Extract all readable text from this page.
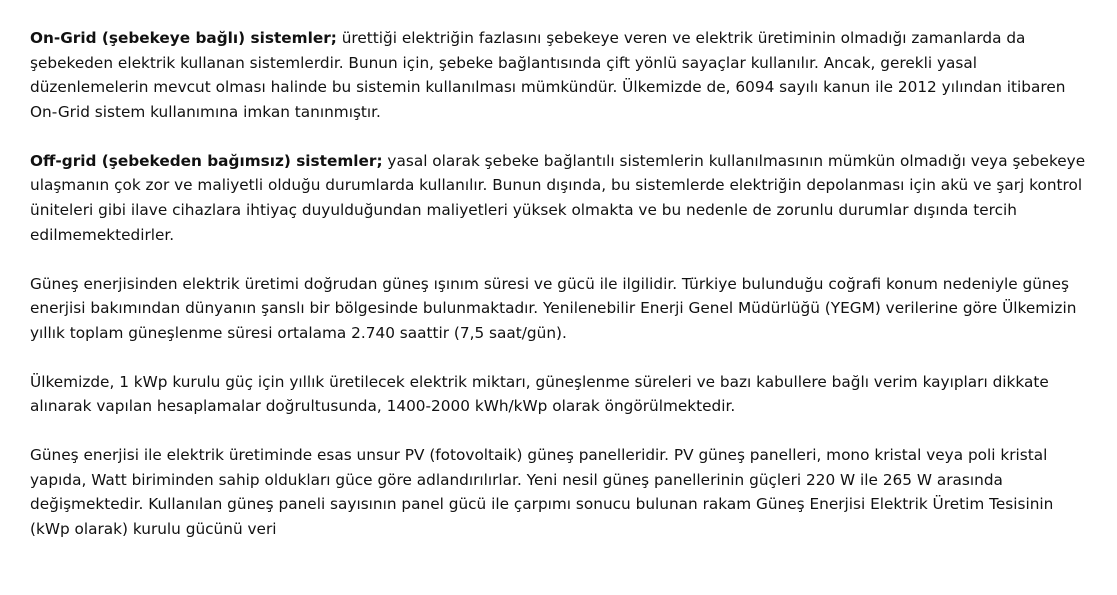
On-Grid (şebekeye bağlı) sistemler; ürettiği elektriğin fazlasını şebekeye veren ve elektrik üretiminin olmadığı zamanlarda da şebekeden elektrik kullanan sistemlerdir. Bunun için, şebeke bağlantısında çift yönlü sayaçlar kullanılır. Ancak, gerekli yasal düzenlemelerin mevcut olması halinde bu sistemin kullanılması mümkündür. Ülkemizde de, 6094 sayılı kanun ile 2012 yılından itibaren On-Grid sistem kullanımına imkan tanınmıştır.

Off-grid (şebekeden bağımsız) sistemler; yasal olarak şebeke bağlantılı sistemlerin kullanılmasının mümkün olmadığı veya şebekeye ulaşmanın çok zor ve maliyetli olduğu durumlarda kullanılır. Bunun dışında, bu sistemlerde elektriğin depolanması için akü ve şarj kontrol üniteleri gibi ilave cihazlara ihtiyaç duyulduğundan maliyetleri yüksek olmakta ve bu nedenle de zorunlu durumlar dışında tercih edilmemektedirler.

Güneş enerjisinden elektrik üretimi doğrudan güneş ışınım süresi ve gücü ile ilgilidir. Türkiye bulunduğu coğrafi konum nedeniyle güneş enerjisi bakımından dünyanın şanslı bir bölgesinde bulunmaktadır. Yenilenebilir Enerji Genel Müdürlüğü (YEGM) verilerine göre Ülkemizin yıllık toplam güneşlenme süresi ortalama 2.740 saattir (7,5 saat/gün).

Ülkemizde, 1 kWp kurulu güç için yıllık üretilecek elektrik miktarı, güneşlenme süreleri ve bazı kabullere bağlı verim kayıpları dikkate alınarak vapılan hesaplamalar doğrultusunda, 1400-2000 kWh/kWp olarak öngörülmektedir.

Güneş enerjisi ile elektrik üretiminde esas unsur PV (fotovoltaik) güneş panelleridir. PV güneş panelleri, mono kristal veya poli kristal yapıda, Watt biriminden sahip oldukları güce göre adlandırılırlar. Yeni nesil güneş panellerinin güçleri 220 W ile 265 W arasında değişmektedir. Kullanılan güneş paneli sayısının panel gücü ile çarpımı sonucu bulunan rakam Güneş Enerjisi Elektrik Üretim Tesisinin (kWp olarak) kurulu gücünü veri
